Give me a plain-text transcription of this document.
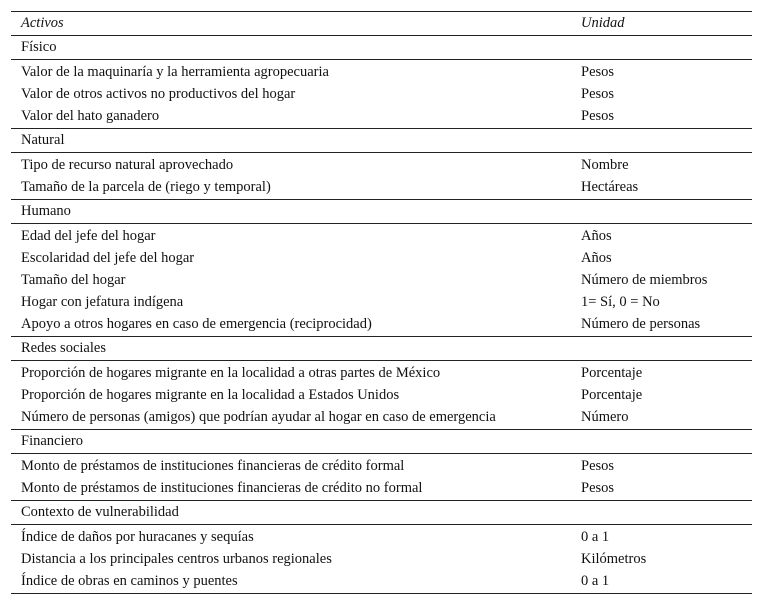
Activos	Unidad
Físico
Valor de la maquinaría y la herramienta agropecuaria	Pesos
Valor de otros activos no productivos del hogar	Pesos
Valor del hato ganadero	Pesos
Natural
Tipo de recurso natural aprovechado	Nombre
Tamaño de la parcela de (riego y temporal)	Hectáreas
Humano
Edad del jefe del hogar	Años
Escolaridad del jefe del hogar	Años
Tamaño del hogar	Número de miembros
Hogar con jefatura indígena	1= Sí, 0 = No
Apoyo a otros hogares en caso de emergencia (reciprocidad)	Número de personas
Redes sociales
Proporción de hogares migrante en la localidad a otras partes de México	Porcentaje
Proporción de hogares migrante en la localidad a Estados Unidos	Porcentaje
Número de personas (amigos) que podrían ayudar al hogar en caso de emergencia	Número
Financiero
Monto de préstamos de instituciones financieras de crédito formal	Pesos
Monto de préstamos de instituciones financieras de crédito no formal	Pesos
Contexto de vulnerabilidad
Índice de daños por huracanes y sequías	0 a 1
Distancia a los principales centros urbanos regionales	Kilómetros
Índice de obras en caminos y puentes	0 a 1
